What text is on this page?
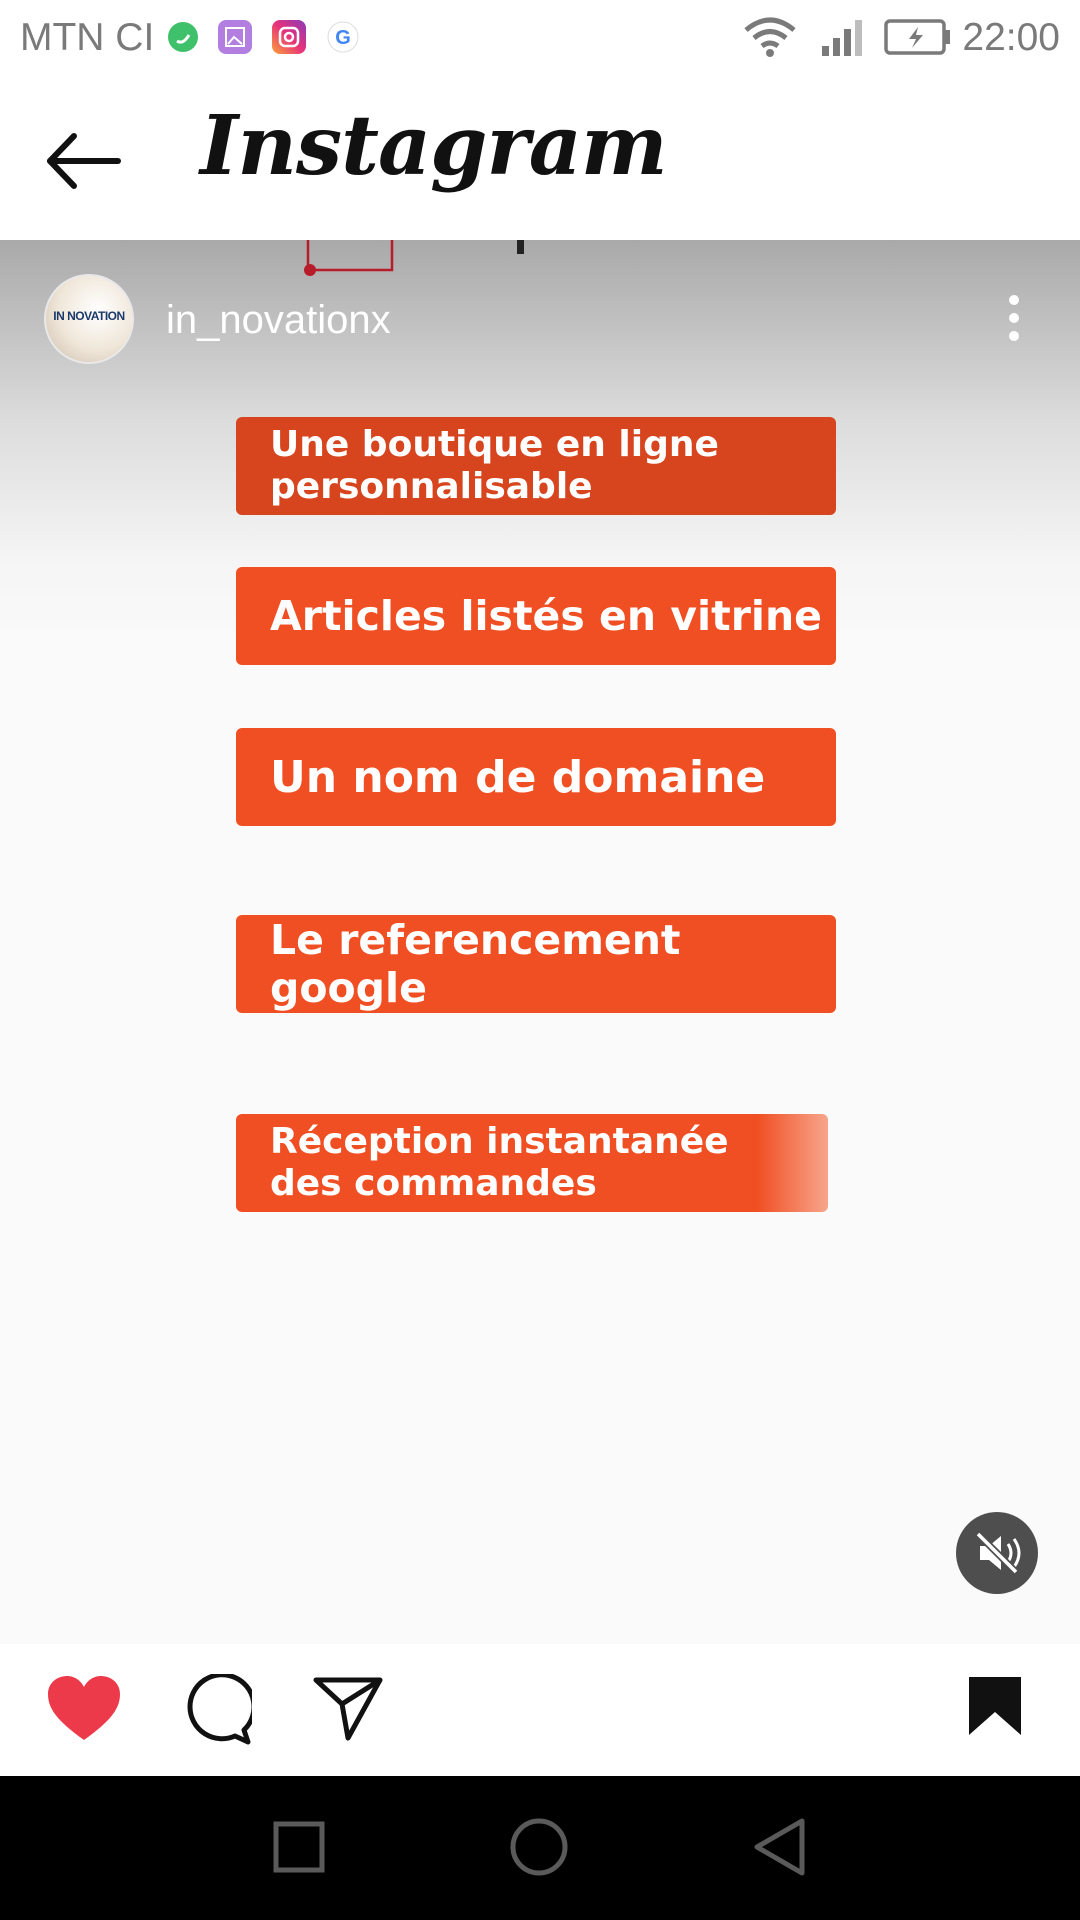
MTN CI	G	22:00
Instagram
IN NOVATION in_novationx
Une boutique en ligne
personnalisable
Articles listés en vitrine
Un nom de domaine
Le referencement google
Réception instantanée
des commandes
